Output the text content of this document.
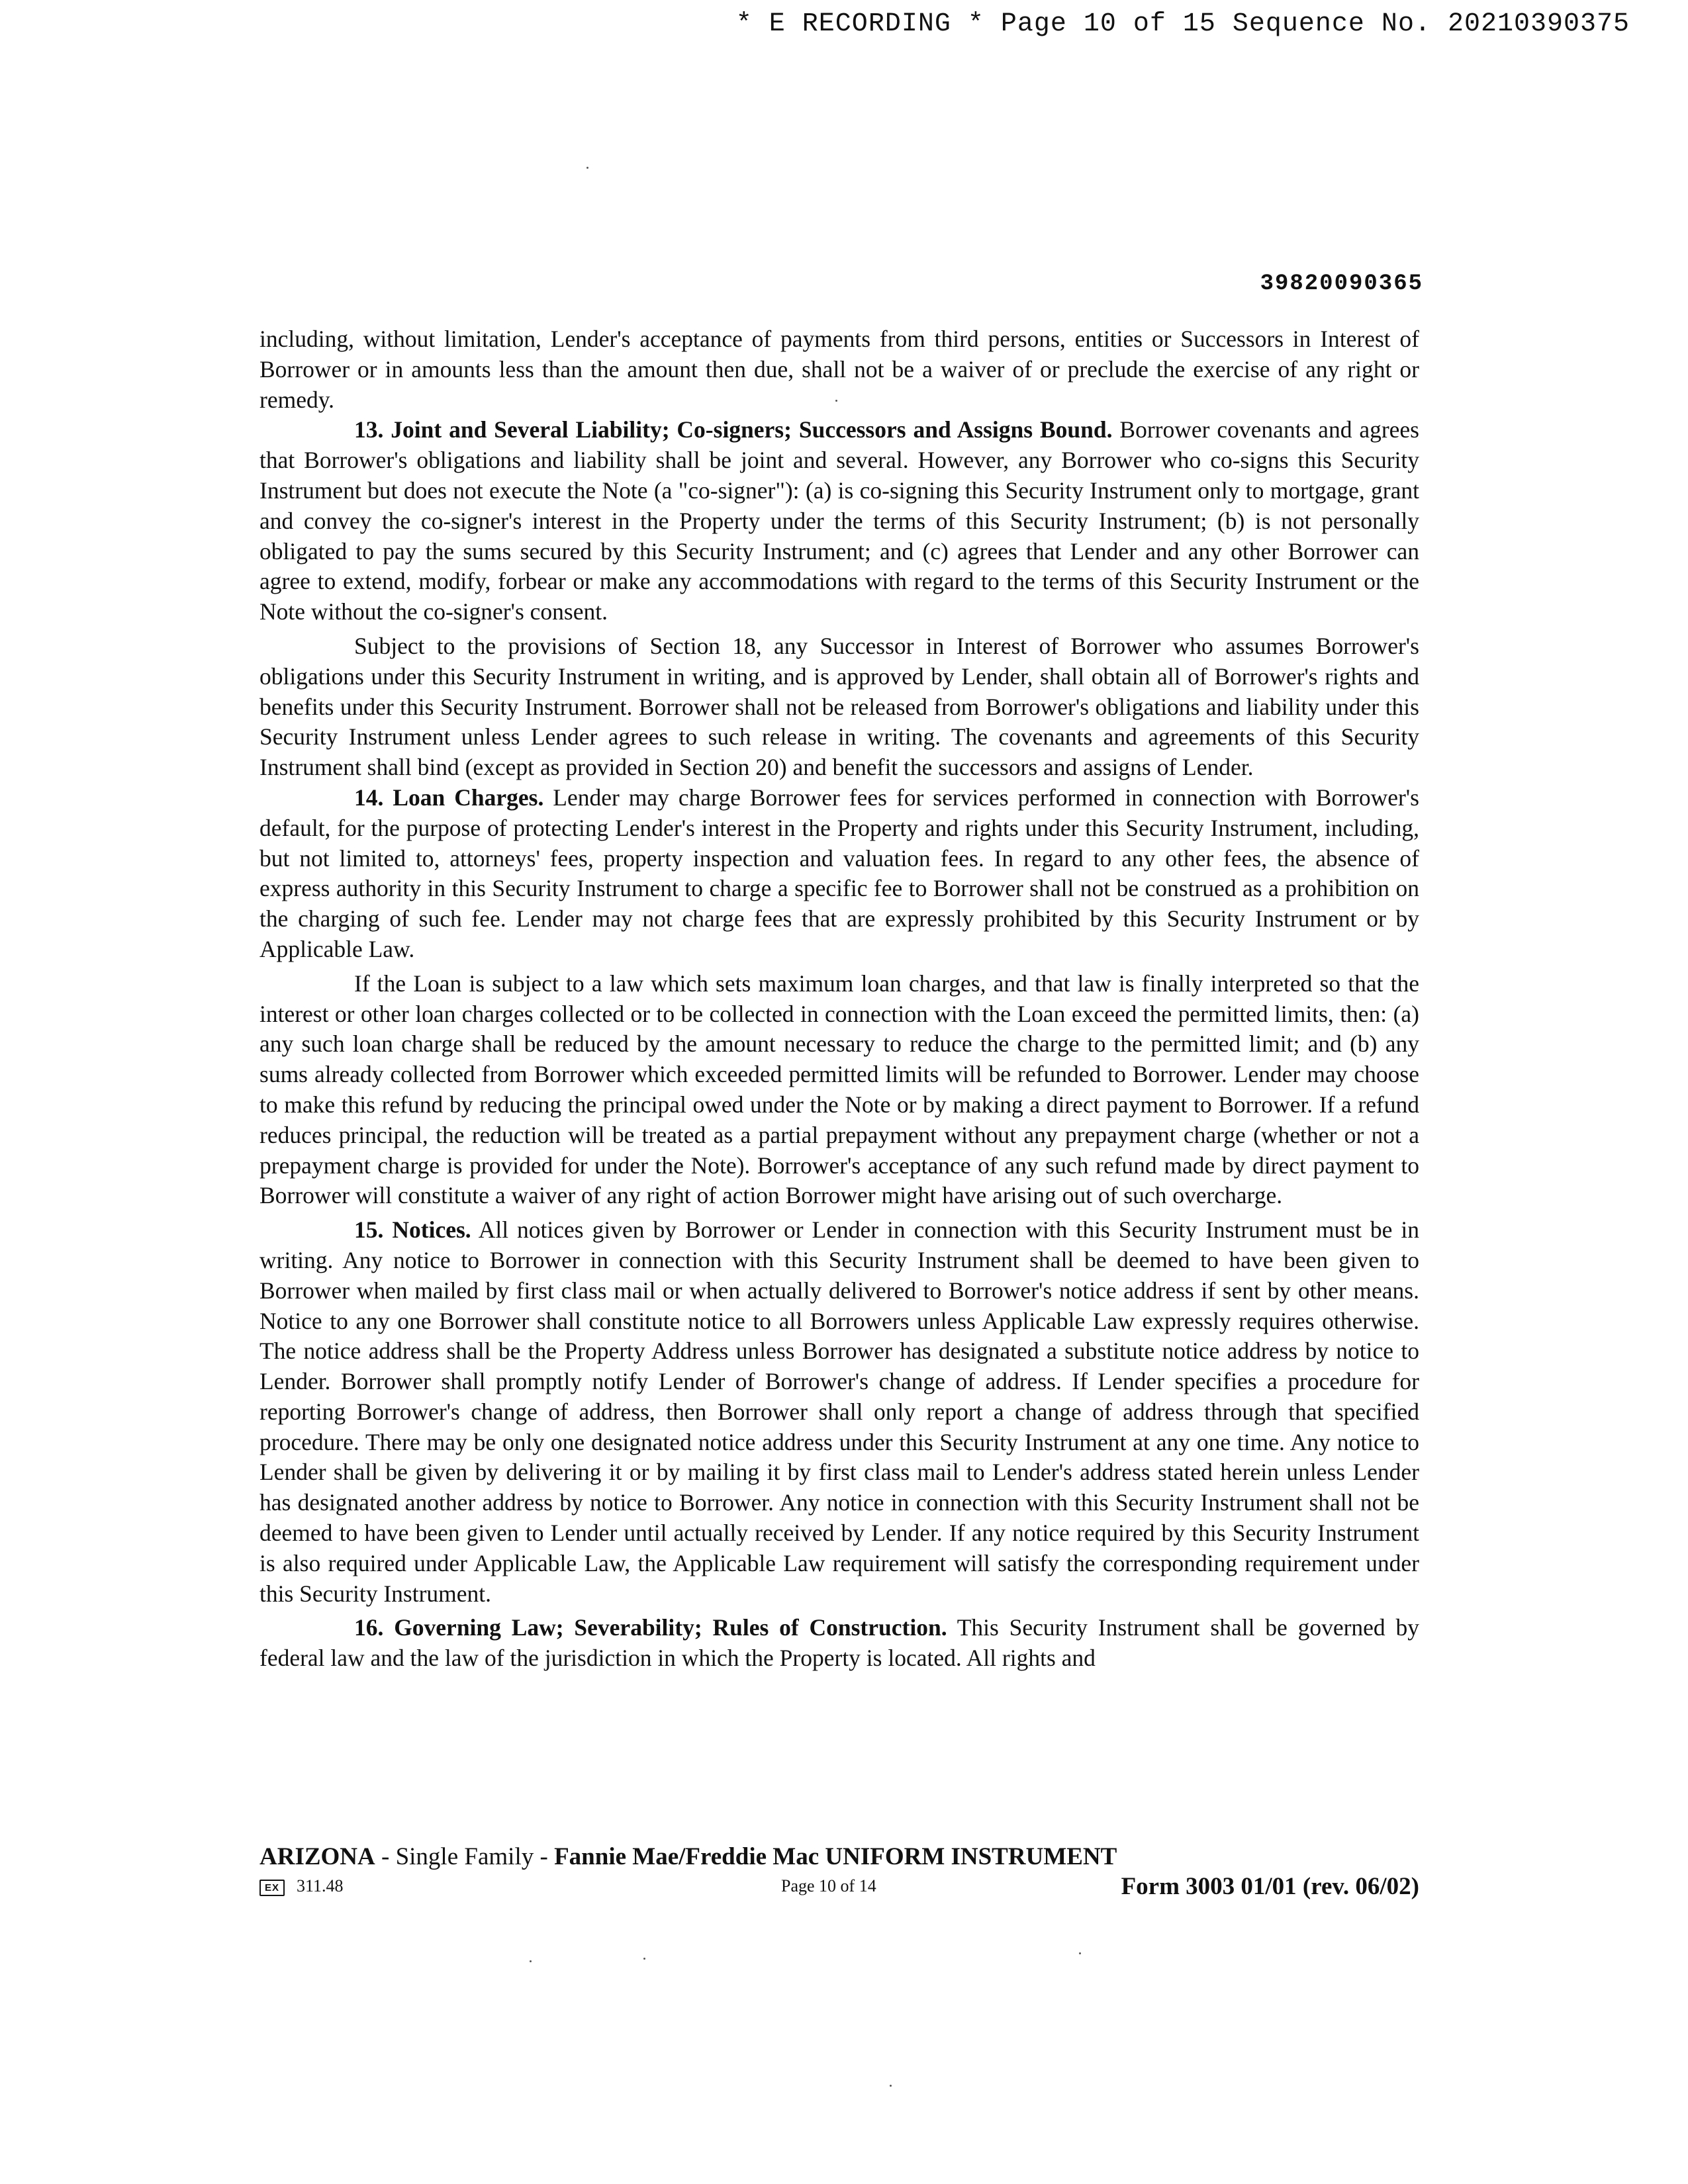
* E RECORDING * Page 10 of 15 Sequence No. 20210390375
39820090365

including, without limitation, Lender's acceptance of payments from third persons, entities or Successors in Interest of Borrower or in amounts less than the amount then due, shall not be a waiver of or preclude the exercise of any right or remedy.

13. Joint and Several Liability; Co-signers; Successors and Assigns Bound. Borrower covenants and agrees that Borrower's obligations and liability shall be joint and several. However, any Borrower who co-signs this Security Instrument but does not execute the Note (a "co-signer"): (a) is co-signing this Security Instrument only to mortgage, grant and convey the co-signer's interest in the Property under the terms of this Security Instrument; (b) is not personally obligated to pay the sums secured by this Security Instrument; and (c) agrees that Lender and any other Borrower can agree to extend, modify, forbear or make any accommodations with regard to the terms of this Security Instrument or the Note without the co-signer's consent.

Subject to the provisions of Section 18, any Successor in Interest of Borrower who assumes Borrower's obligations under this Security Instrument in writing, and is approved by Lender, shall obtain all of Borrower's rights and benefits under this Security Instrument. Borrower shall not be released from Borrower's obligations and liability under this Security Instrument unless Lender agrees to such release in writing. The covenants and agreements of this Security Instrument shall bind (except as provided in Section 20) and benefit the successors and assigns of Lender.

14. Loan Charges. Lender may charge Borrower fees for services performed in connection with Borrower's default, for the purpose of protecting Lender's interest in the Property and rights under this Security Instrument, including, but not limited to, attorneys' fees, property inspection and valuation fees. In regard to any other fees, the absence of express authority in this Security Instrument to charge a specific fee to Borrower shall not be construed as a prohibition on the charging of such fee. Lender may not charge fees that are expressly prohibited by this Security Instrument or by Applicable Law.

If the Loan is subject to a law which sets maximum loan charges, and that law is finally interpreted so that the interest or other loan charges collected or to be collected in connection with the Loan exceed the permitted limits, then: (a) any such loan charge shall be reduced by the amount necessary to reduce the charge to the permitted limit; and (b) any sums already collected from Borrower which exceeded permitted limits will be refunded to Borrower. Lender may choose to make this refund by reducing the principal owed under the Note or by making a direct payment to Borrower. If a refund reduces principal, the reduction will be treated as a partial prepayment without any prepayment charge (whether or not a prepayment charge is provided for under the Note). Borrower's acceptance of any such refund made by direct payment to Borrower will constitute a waiver of any right of action Borrower might have arising out of such overcharge.

15. Notices. All notices given by Borrower or Lender in connection with this Security Instrument must be in writing. Any notice to Borrower in connection with this Security Instrument shall be deemed to have been given to Borrower when mailed by first class mail or when actually delivered to Borrower's notice address if sent by other means. Notice to any one Borrower shall constitute notice to all Borrowers unless Applicable Law expressly requires otherwise. The notice address shall be the Property Address unless Borrower has designated a substitute notice address by notice to Lender. Borrower shall promptly notify Lender of Borrower's change of address. If Lender specifies a procedure for reporting Borrower's change of address, then Borrower shall only report a change of address through that specified procedure. There may be only one designated notice address under this Security Instrument at any one time. Any notice to Lender shall be given by delivering it or by mailing it by first class mail to Lender's address stated herein unless Lender has designated another address by notice to Borrower. Any notice in connection with this Security Instrument shall not be deemed to have been given to Lender until actually received by Lender. If any notice required by this Security Instrument is also required under Applicable Law, the Applicable Law requirement will satisfy the corresponding requirement under this Security Instrument.

16. Governing Law; Severability; Rules of Construction. This Security Instrument shall be governed by federal law and the law of the jurisdiction in which the Property is located. All rights and

ARIZONA - Single Family - Fannie Mae/Freddie Mac UNIFORM INSTRUMENT
EX 311.48	Page 10 of 14	Form 3003 01/01 (rev. 06/02)
